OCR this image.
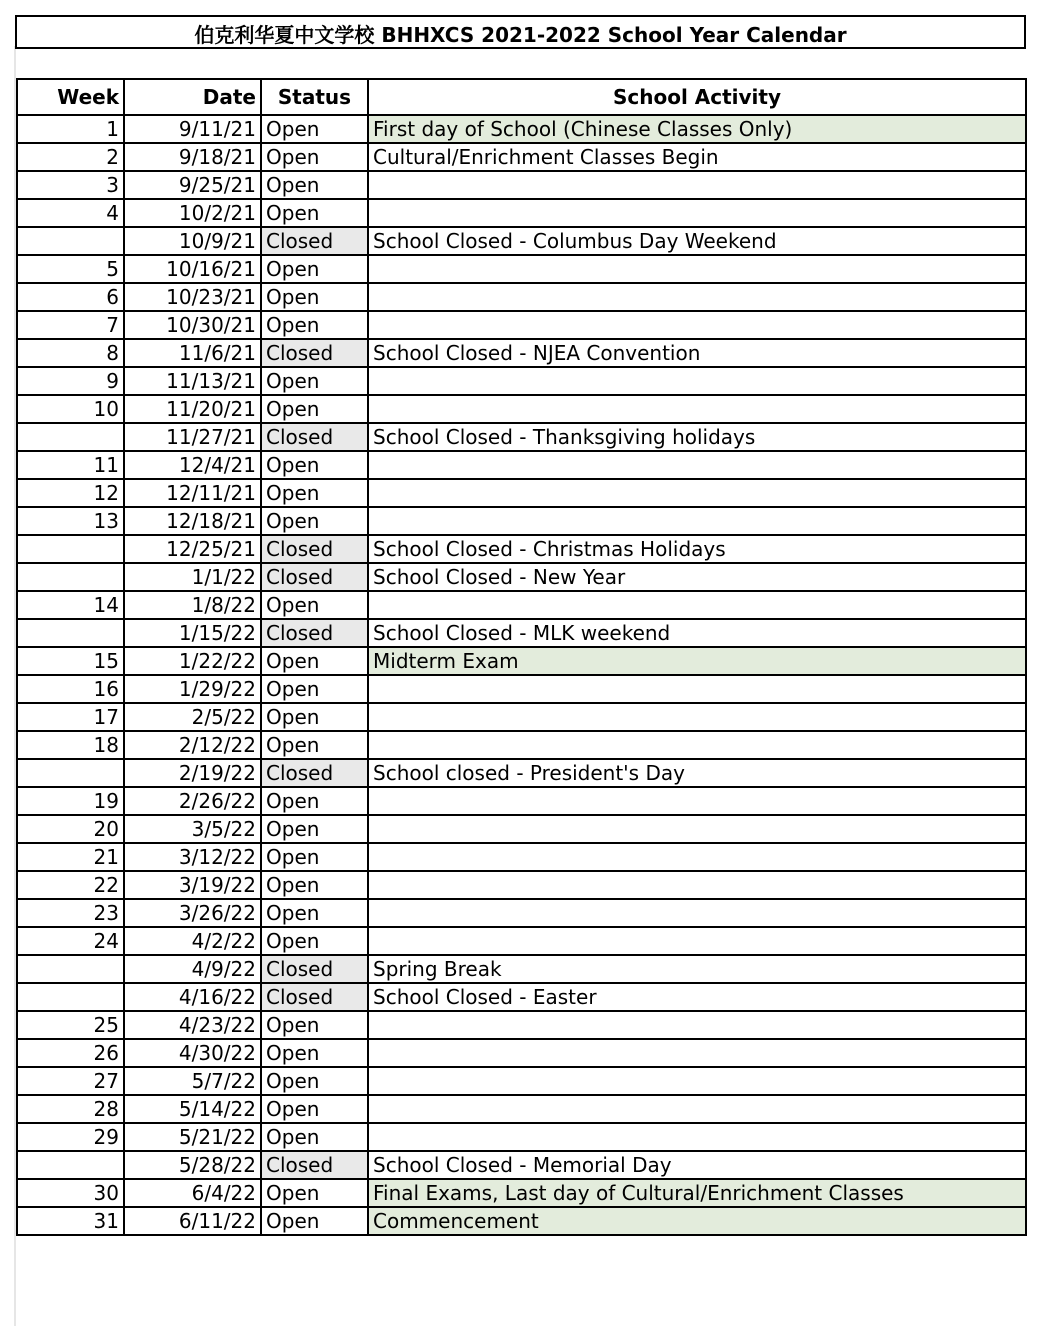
伯克利华夏中文学校 BHHXCS 2021-2022 School Year Calendar
Week	Date	Status	School Activity
1	9/11/21	Open	First day of School (Chinese Classes Only)
2	9/18/21	Open	Cultural/Enrichment Classes Begin
3	9/25/21	Open	
4	10/2/21	Open	
	10/9/21	Closed	School Closed - Columbus Day Weekend
5	10/16/21	Open	
6	10/23/21	Open	
7	10/30/21	Open	
8	11/6/21	Closed	School Closed - NJEA Convention
9	11/13/21	Open	
10	11/20/21	Open	
	11/27/21	Closed	School Closed - Thanksgiving holidays
11	12/4/21	Open	
12	12/11/21	Open	
13	12/18/21	Open	
	12/25/21	Closed	School Closed - Christmas Holidays
	1/1/22	Closed	School Closed - New Year
14	1/8/22	Open	
	1/15/22	Closed	School Closed - MLK weekend
15	1/22/22	Open	Midterm Exam
16	1/29/22	Open	
17	2/5/22	Open	
18	2/12/22	Open	
	2/19/22	Closed	School closed - President's Day
19	2/26/22	Open	
20	3/5/22	Open	
21	3/12/22	Open	
22	3/19/22	Open	
23	3/26/22	Open	
24	4/2/22	Open	
	4/9/22	Closed	Spring Break
	4/16/22	Closed	School Closed - Easter
25	4/23/22	Open	
26	4/30/22	Open	
27	5/7/22	Open	
28	5/14/22	Open	
29	5/21/22	Open	
	5/28/22	Closed	School Closed - Memorial Day
30	6/4/22	Open	Final Exams, Last day of Cultural/Enrichment Classes
31	6/11/22	Open	Commencement
